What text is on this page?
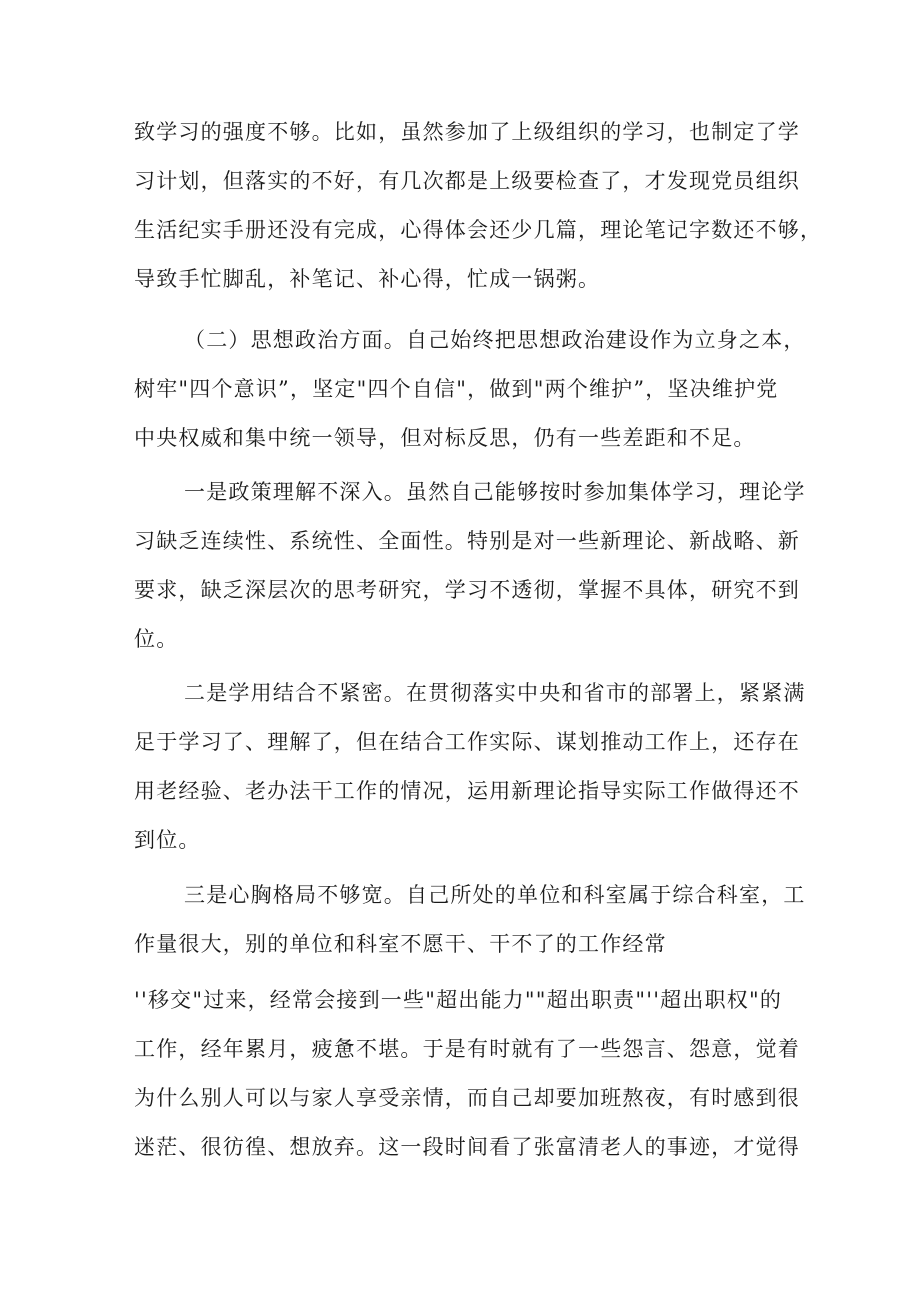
致学习的强度不够。比如，虽然参加了上级组织的学习，也制定了学
习计划，但落实的不好，有几次都是上级要检查了，才发现党员组织
生活纪实手册还没有完成，心得体会还少几篇，理论笔记字数还不够，
导致手忙脚乱，补笔记、补心得，忙成一锅粥。
（二）思想政治方面。自己始终把思想政治建设作为立身之本，
树牢"四个意识”，坚定"四个自信"，做到"两个维护”，坚决维护党
中央权威和集中统一领导，但对标反思，仍有一些差距和不足。
一是政策理解不深入。虽然自己能够按时参加集体学习，理论学
习缺乏连续性、系统性、全面性。特别是对一些新理论、新战略、新
要求，缺乏深层次的思考研究，学习不透彻，掌握不具体，研究不到
位。
二是学用结合不紧密。在贯彻落实中央和省市的部署上，紧紧满
足于学习了、理解了，但在结合工作实际、谋划推动工作上，还存在
用老经验、老办法干工作的情况，运用新理论指导实际工作做得还不
到位。
三是心胸格局不够宽。自己所处的单位和科室属于综合科室，工
作量很大，别的单位和科室不愿干、干不了的工作经常
''移交"过来，经常会接到一些"超出能力""超出职责"''超出职权"的
工作，经年累月，疲惫不堪。于是有时就有了一些怨言、怨意，觉着
为什么别人可以与家人享受亲情，而自己却要加班熬夜，有时感到很
迷茫、很彷徨、想放弃。这一段时间看了张富清老人的事迹，才觉得
